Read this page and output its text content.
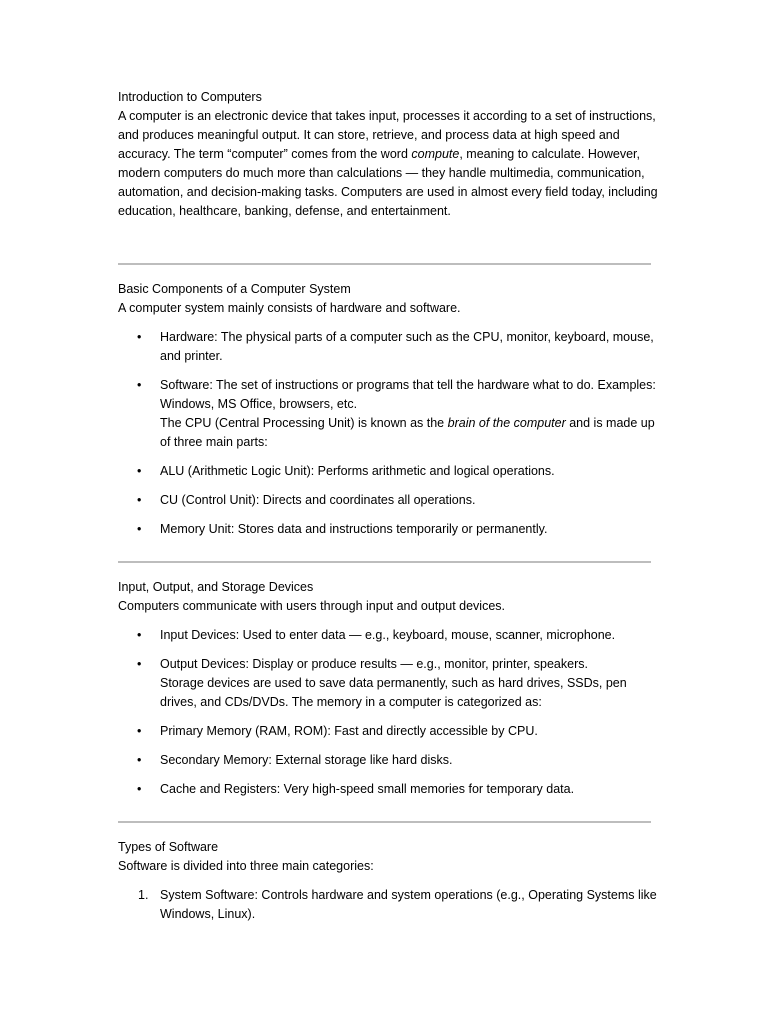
Introduction to Computers

A computer is an electronic device that takes input, processes it according to a set of instructions, and produces meaningful output. It can store, retrieve, and process data at high speed and accuracy. The term “computer” comes from the word compute, meaning to calculate. However, modern computers do much more than calculations — they handle multimedia, communication, automation, and decision-making tasks. Computers are used in almost every field today, including education, healthcare, banking, defense, and entertainment.

Basic Components of a Computer System

A computer system mainly consists of hardware and software.

• Hardware: The physical parts of a computer such as the CPU, monitor, keyboard, mouse, and printer.
• Software: The set of instructions or programs that tell the hardware what to do. Examples: Windows, MS Office, browsers, etc.
The CPU (Central Processing Unit) is known as the brain of the computer and is made up of three main parts:
• ALU (Arithmetic Logic Unit): Performs arithmetic and logical operations.
• CU (Control Unit): Directs and coordinates all operations.
• Memory Unit: Stores data and instructions temporarily or permanently.

Input, Output, and Storage Devices

Computers communicate with users through input and output devices.

• Input Devices: Used to enter data — e.g., keyboard, mouse, scanner, microphone.
• Output Devices: Display or produce results — e.g., monitor, printer, speakers.
Storage devices are used to save data permanently, such as hard drives, SSDs, pen drives, and CDs/DVDs. The memory in a computer is categorized as:
• Primary Memory (RAM, ROM): Fast and directly accessible by CPU.
• Secondary Memory: External storage like hard disks.
• Cache and Registers: Very high-speed small memories for temporary data.

Types of Software

Software is divided into three main categories:

1. System Software: Controls hardware and system operations (e.g., Operating Systems like Windows, Linux).
